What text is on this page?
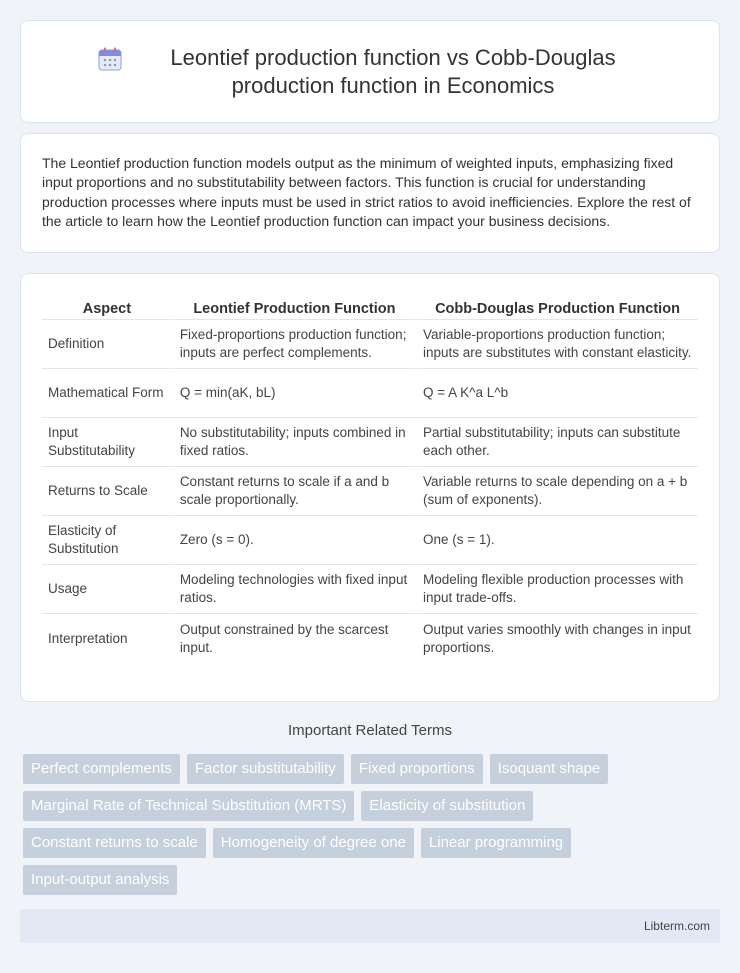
Leontief production function vs Cobb-Douglas production function in Economics

The Leontief production function models output as the minimum of weighted inputs, emphasizing fixed input proportions and no substitutability between factors. This function is crucial for understanding production processes where inputs must be used in strict ratios to avoid inefficiencies. Explore the rest of the article to learn how the Leontief production function can impact your business decisions.

Aspect	Leontief Production Function	Cobb-Douglas Production Function
Definition	Fixed-proportions production function; inputs are perfect complements.	Variable-proportions production function; inputs are substitutes with constant elasticity.
Mathematical Form	Q = min(aK, bL)	Q = A K^a L^b
Input Substitutability	No substitutability; inputs combined in fixed ratios.	Partial substitutability; inputs can substitute each other.
Returns to Scale	Constant returns to scale if a and b scale proportionally.	Variable returns to scale depending on a + b (sum of exponents).
Elasticity of Substitution	Zero (s = 0).	One (s = 1).
Usage	Modeling technologies with fixed input ratios.	Modeling flexible production processes with input trade-offs.
Interpretation	Output constrained by the scarcest input.	Output varies smoothly with changes in input proportions.
Important Related Terms
Perfect complements	Factor substitutability	Fixed proportions	Isoquant shape
Marginal Rate of Technical Substitution (MRTS)	Elasticity of substitution
Constant returns to scale	Homogeneity of degree one	Linear programming
Input-output analysis
Libterm.com
